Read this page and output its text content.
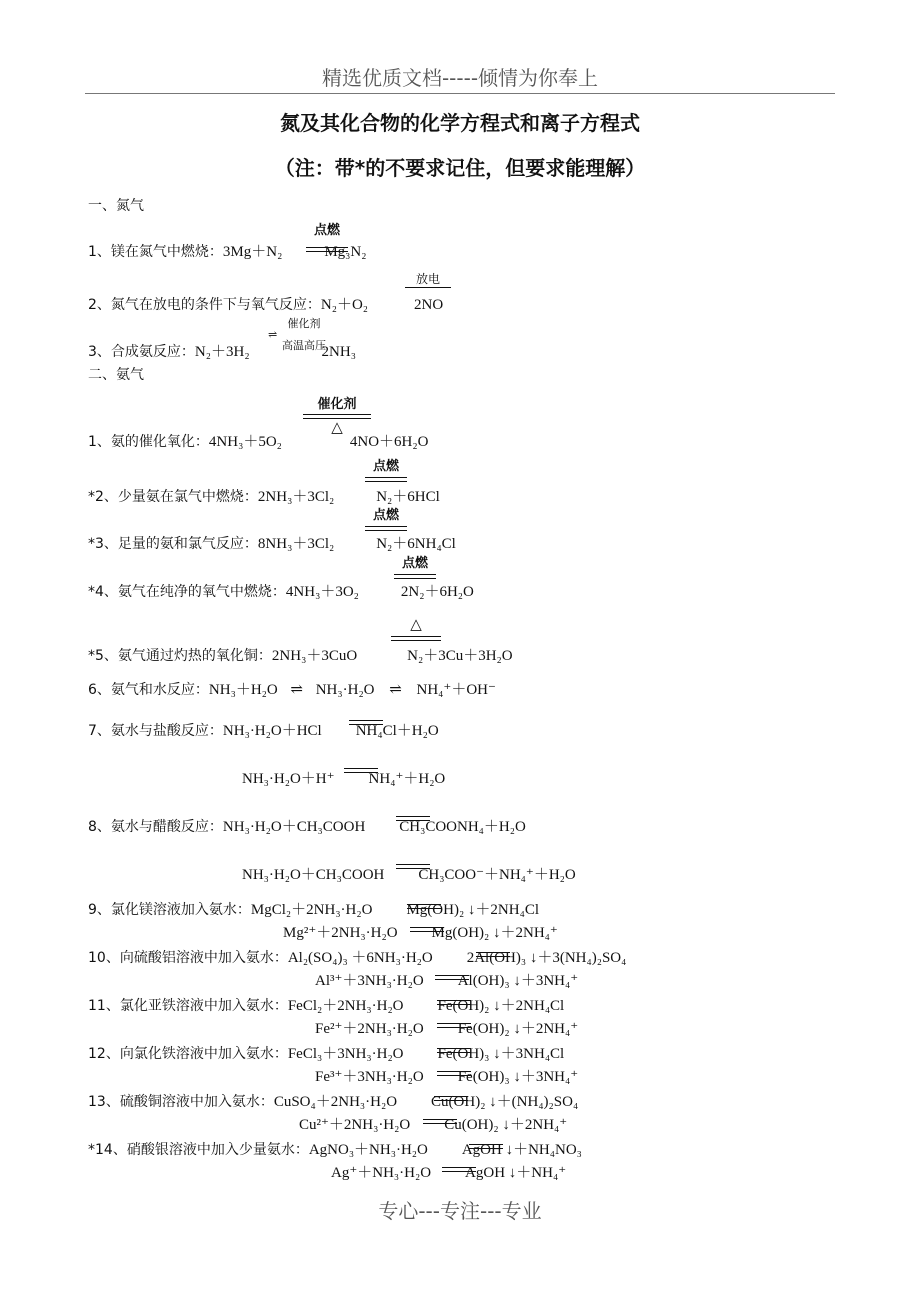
精选优质文档-----倾情为你奉上
氮及其化合物的化学方程式和离子方程式
（注：带*的不要求记住，但要求能理解）
一、氮气
1、镁在氮气中燃烧：3Mg＋N₂	Mg₃N₂
点燃
2、氮气在放电的条件下与氧气反应：N₂＋O₂	2NO
放电
3、合成氨反应：N₂＋3H₂	2NH₃
催化剂
⇌
高温高压
二、氨气
1、氨的催化氧化：4NH₃＋5O₂	4NO＋6H₂O
催化剂
△
*2、少量氨在氯气中燃烧：2NH₃＋3Cl₂	N₂＋6HCl
点燃
*3、足量的氨和氯气反应：8NH₃＋3Cl₂	N₂＋6NH₄Cl
点燃
*4、氨气在纯净的氧气中燃烧：4NH₃＋3O₂	2N₂＋6H₂O
点燃
*5、氨气通过灼热的氧化铜：2NH₃＋3CuO	N₂＋3Cu＋3H₂O
△
6、氨气和水反应：NH₃＋H₂O ⇌ NH₃·H₂O ⇌ NH₄⁺＋OH⁻
7、氨水与盐酸反应：NH₃·H₂O＋HCl NH₄Cl＋H₂O
NH₃·H₂O＋H⁺ NH₄⁺＋H₂O
8、氨水与醋酸反应：NH₃·H₂O＋CH₃COOH CH₃COONH₄＋H₂O
NH₃·H₂O＋CH₃COOH CH₃COO⁻＋NH₄⁺＋H₂O
9、氯化镁溶液加入氨水：MgCl₂＋2NH₃·H₂O Mg(OH)₂ ↓＋2NH₄Cl
Mg²⁺＋2NH₃·H₂O Mg(OH)₂ ↓＋2NH₄⁺
10、向硫酸铝溶液中加入氨水：Al₂(SO₄)₃ ＋6NH₃·H₂O 2Al(OH)₃ ↓＋3(NH₄)₂SO₄
Al³⁺＋3NH₃·H₂O Al(OH)₃ ↓＋3NH₄⁺
11、氯化亚铁溶液中加入氨水：FeCl₂＋2NH₃·H₂O Fe(OH)₂ ↓＋2NH₄Cl
Fe²⁺＋2NH₃·H₂O Fe(OH)₂ ↓＋2NH₄⁺
12、向氯化铁溶液中加入氨水：FeCl₃＋3NH₃·H₂O Fe(OH)₃ ↓＋3NH₄Cl
Fe³⁺＋3NH₃·H₂O Fe(OH)₃ ↓＋3NH₄⁺
13、硫酸铜溶液中加入氨水：CuSO₄＋2NH₃·H₂O Cu(OH)₂ ↓＋(NH₄)₂SO₄
Cu²⁺＋2NH₃·H₂O Cu(OH)₂ ↓＋2NH₄⁺
*14、硝酸银溶液中加入少量氨水：AgNO₃＋NH₃·H₂O AgOH ↓＋NH₄NO₃
Ag⁺＋NH₃·H₂O AgOH ↓＋NH₄⁺
专心---专注---专业
